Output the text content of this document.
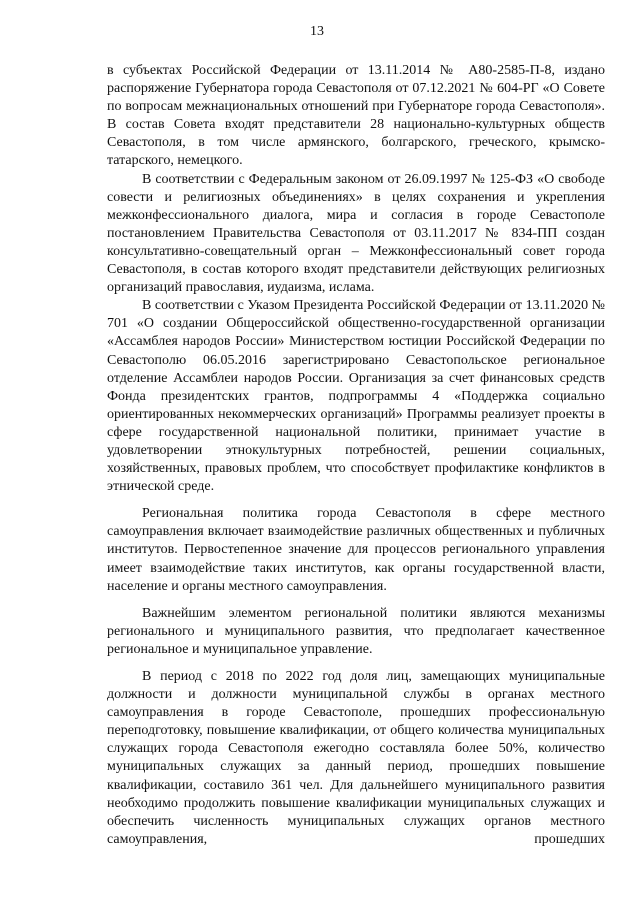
13

в субъектах Российской Федерации от 13.11.2014 № А80-2585-П-8, издано распоряжение Губернатора города Севастополя от 07.12.2021 № 604-РГ «О Совете по вопросам межнациональных отношений при Губернаторе города Севастополя». В состав Совета входят представители 28 национально-культурных обществ Севастополя, в том числе армянского, болгарского, греческого, крымско-татарского, немецкого.

В соответствии с Федеральным законом от 26.09.1997 № 125-ФЗ «О свободе совести и религиозных объединениях» в целях сохранения и укрепления межконфессионального диалога, мира и согласия в городе Севастополе постановлением Правительства Севастополя от 03.11.2017 № 834-ПП создан консультативно-совещательный орган – Межконфессиональный совет города Севастополя, в состав которого входят представители действующих религиозных организаций православия, иудаизма, ислама.

В соответствии с Указом Президента Российской Федерации от 13.11.2020 № 701 «О создании Общероссийской общественно-государственной организации «Ассамблея народов России» Министерством юстиции Российской Федерации по Севастополю 06.05.2016 зарегистрировано Севастопольское региональное отделение Ассамблеи народов России. Организация за счет финансовых средств Фонда президентских грантов, подпрограммы 4 «Поддержка социально ориентированных некоммерческих организаций» Программы реализует проекты в сфере государственной национальной политики, принимает участие в удовлетворении этнокультурных потребностей, решении социальных, хозяйственных, правовых проблем, что способствует профилактике конфликтов в этнической среде.

Региональная политика города Севастополя в сфере местного самоуправления включает взаимодействие различных общественных и публичных институтов. Первостепенное значение для процессов регионального управления имеет взаимодействие таких институтов, как органы государственной власти, население и органы местного самоуправления.

Важнейшим элементом региональной политики являются механизмы регионального и муниципального развития, что предполагает качественное региональное и муниципальное управление.

В период с 2018 по 2022 год доля лиц, замещающих муниципальные должности и должности муниципальной службы в органах местного самоуправления в городе Севастополе, прошедших профессиональную переподготовку, повышение квалификации, от общего количества муниципальных служащих города Севастополя ежегодно составляла более 50%, количество муниципальных служащих за данный период, прошедших повышение квалификации, составило 361 чел. Для дальнейшего муниципального развития необходимо продолжить повышение квалификации муниципальных служащих и обеспечить численность муниципальных служащих органов местного самоуправления, прошедших
